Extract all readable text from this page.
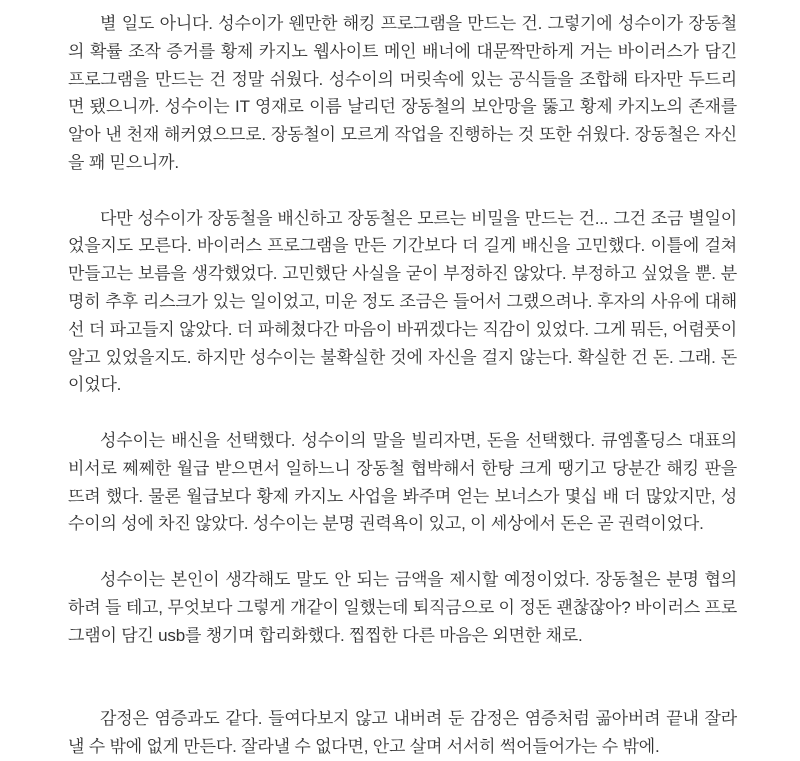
별 일도 아니다. 성수이가 웬만한 해킹 프로그램을 만드는 건. 그렇기에 성수이가 장동철의 확률 조작 증거를 황제 카지노 웹사이트 메인 배너에 대문짝만하게 거는 바이러스가 담긴 프로그램을 만드는 건 정말 쉬웠다. 성수이의 머릿속에 있는 공식들을 조합해 타자만 두드리면 됐으니까. 성수이는 IT 영재로 이름 날리던 장동철의 보안망을 뚫고 황제 카지노의 존재를 알아 낸 천재 해커였으므로. 장동철이 모르게 작업을 진행하는 것 또한 쉬웠다. 장동철은 자신을 꽤 믿으니까.

다만 성수이가 장동철을 배신하고 장동철은 모르는 비밀을 만드는 건... 그건 조금 별일이었을지도 모른다. 바이러스 프로그램을 만든 기간보다 더 길게 배신을 고민했다. 이틀에 걸쳐 만들고는 보름을 생각했었다. 고민했단 사실을 굳이 부정하진 않았다. 부정하고 싶었을 뿐. 분명히 추후 리스크가 있는 일이었고, 미운 정도 조금은 들어서 그랬으려나. 후자의 사유에 대해선 더 파고들지 않았다. 더 파헤쳤다간 마음이 바뀌겠다는 직감이 있었다. 그게 뭐든, 어렴풋이 알고 있었을지도. 하지만 성수이는 불확실한 것에 자신을 걸지 않는다. 확실한 건 돈. 그래. 돈이었다.

성수이는 배신을 선택했다. 성수이의 말을 빌리자면, 돈을 선택했다. 큐엠홀딩스 대표의 비서로 쩨쩨한 월급 받으면서 일하느니 장동철 협박해서 한탕 크게 땡기고 당분간 해킹 판을 뜨려 했다. 물론 월급보다 황제 카지노 사업을 봐주며 얻는 보너스가 몇십 배 더 많았지만, 성수이의 성에 차진 않았다. 성수이는 분명 권력욕이 있고, 이 세상에서 돈은 곧 권력이었다.

성수이는 본인이 생각해도 말도 안 되는 금액을 제시할 예정이었다. 장동철은 분명 협의하려 들 테고, 무엇보다 그렇게 개같이 일했는데 퇴직금으로 이 정돈 괜찮잖아? 바이러스 프로그램이 담긴 usb를 챙기며 합리화했다. 찝찝한 다른 마음은 외면한 채로.

감정은 염증과도 같다. 들여다보지 않고 내버려 둔 감정은 염증처럼 곪아버려 끝내 잘라낼 수 밖에 없게 만든다. 잘라낼 수 없다면, 안고 살며 서서히 썩어들어가는 수 밖에.
